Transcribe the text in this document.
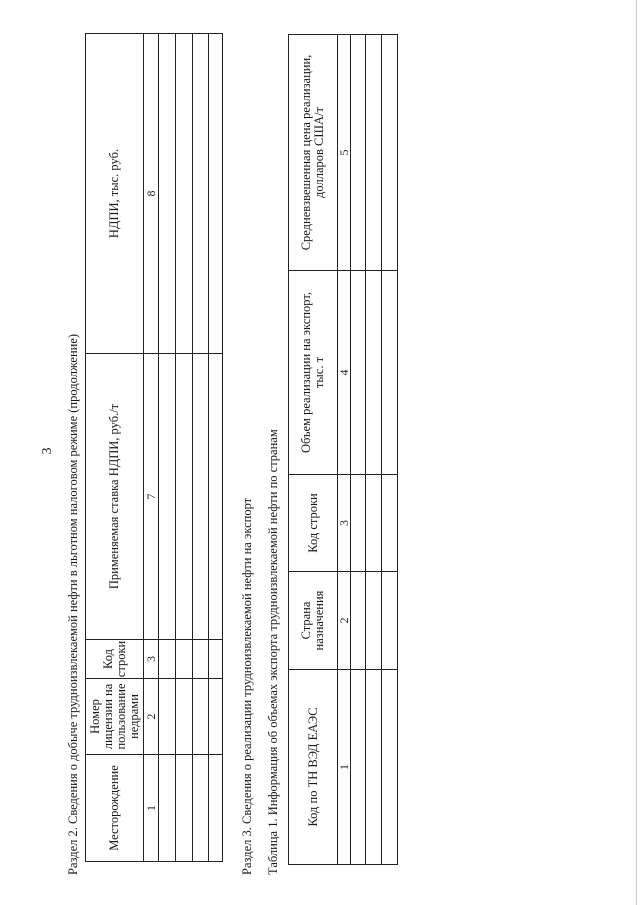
3 Раздел 2. Сведения о добыче трудноизвлекаемой нефти в льготном налоговом режиме (продолжение)	Месторождение
Номер лицензии на пользование недрами
Код строки
Применяемая ставка НДПИ, руб./т
НДПИ, тыс. руб.
1
2
3
7
8
Раздел 3. Сведения о реализации трудноизвлекаемой нефти на экспорт Таблица 1. Информация об объемах экспорта трудноизвлекаемой нефти по странам	Код по ТН ВЭД ЕАЭС
Страна назначения
Код строки
Объем реализации на экспорт, тыс. т
Средневзвешенная цена реализации, долларов США/т
1
2
3
4
5
